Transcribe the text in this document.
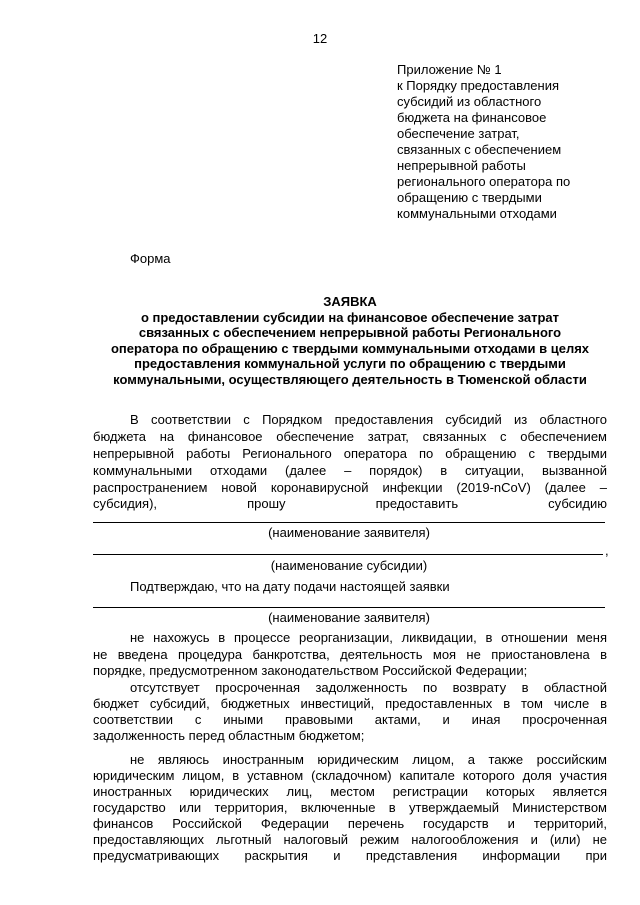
12
Приложение № 1
к Порядку предоставления
субсидий из областного
бюджета на финансовое
обеспечение затрат,
связанных с обеспечением
непрерывной работы
регионального оператора по
обращению с твердыми
коммунальными отходами
Форма
ЗАЯВКА
о предоставлении субсидии на финансовое обеспечение затрат
связанных с обеспечением непрерывной работы Регионального
оператора по обращению с твердыми коммунальными отходами в целях
предоставления коммунальной услуги по обращению с твердыми
коммунальными, осуществляющего деятельность в Тюменской области
В соответствии с Порядком предоставления субсидий из областного
бюджета на финансовое обеспечение затрат, связанных с обеспечением
непрерывной работы Регионального оператора по обращению с твердыми
коммунальными отходами (далее – порядок) в ситуации, вызванной
распространением новой коронавирусной инфекции (2019-nCoV) (далее –
субсидия), прошу предоставить субсидию
(наименование заявителя)
,
(наименование субсидии)
Подтверждаю, что на дату подачи настоящей заявки
(наименование заявителя)
не нахожусь в процессе реорганизации, ликвидации, в отношении меня
не введена процедура банкротства, деятельность моя не приостановлена в
порядке, предусмотренном законодательством Российской Федерации;
отсутствует просроченная задолженность по возврату в областной
бюджет субсидий, бюджетных инвестиций, предоставленных в том числе в
соответствии с иными правовыми актами, и иная просроченная
задолженность перед областным бюджетом;
не являюсь иностранным юридическим лицом, а также российским
юридическим лицом, в уставном (складочном) капитале которого доля участия
иностранных юридических лиц, местом регистрации которых является
государство или территория, включенные в утверждаемый Министерством
финансов Российской Федерации перечень государств и территорий,
предоставляющих льготный налоговый режим налогообложения и (или) не
предусматривающих раскрытия и представления информации при
